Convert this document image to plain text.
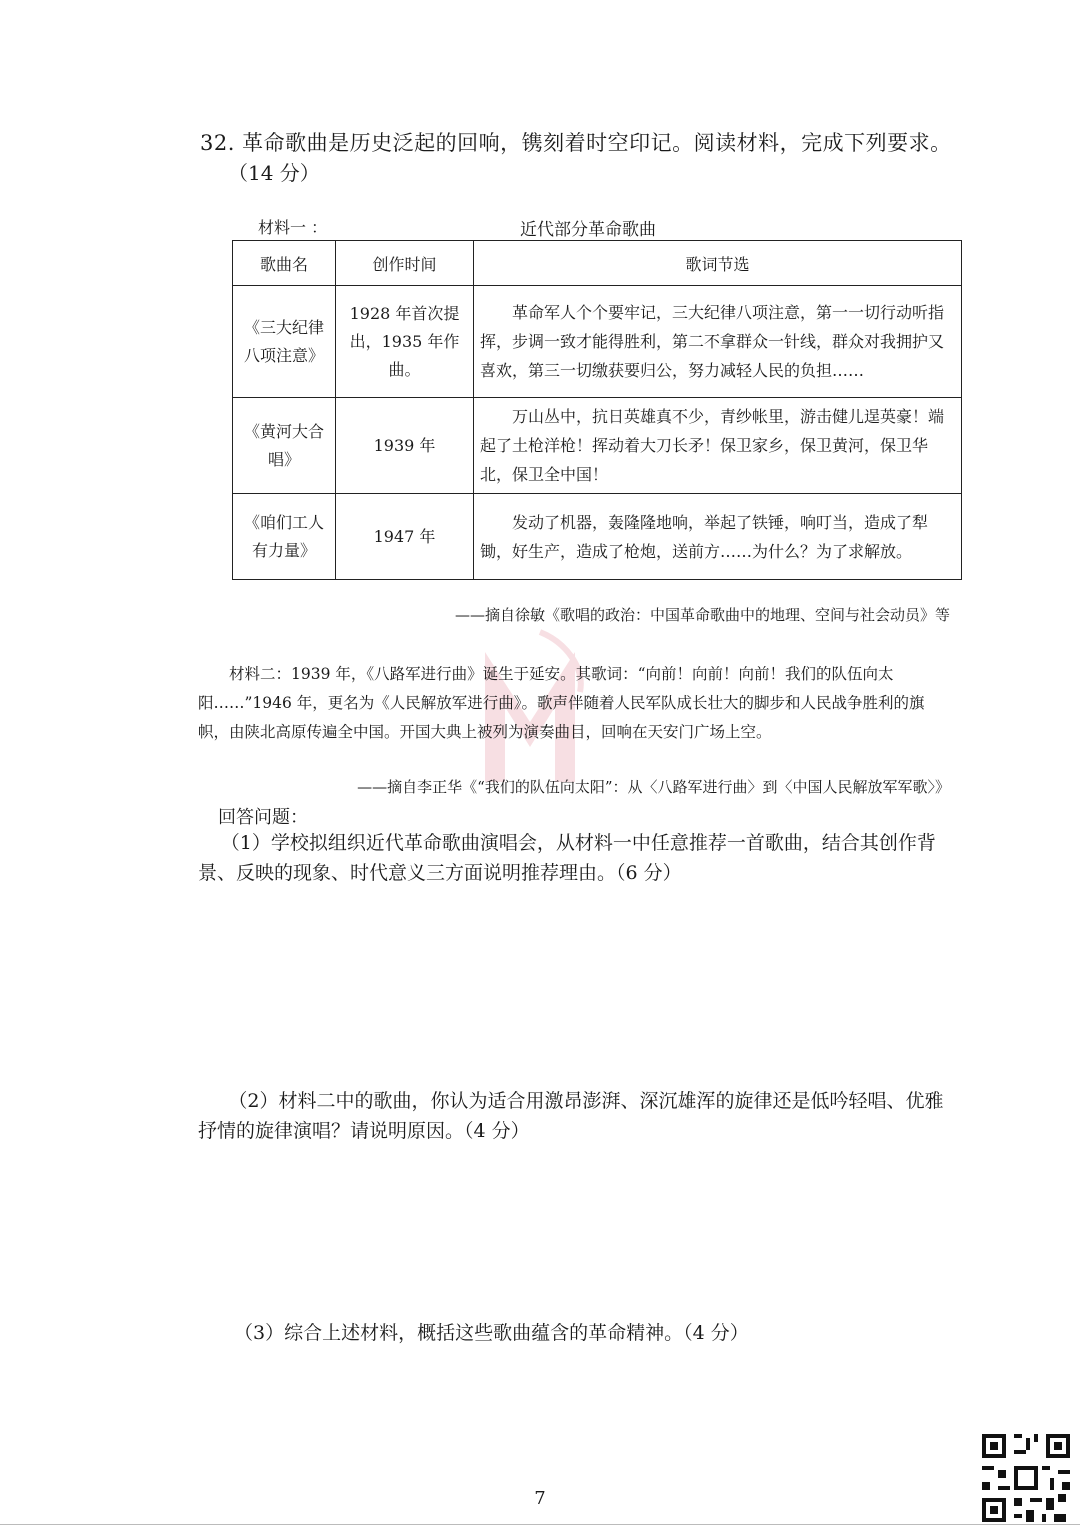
32. 革命歌曲是历史泛起的回响，镌刻着时空印记。阅读材料，完成下列要求。
（14 分）
材料一 ：	近代部分革命歌曲
歌曲名	创作时间	歌词节选
《三大纪律八项注意》	1928 年首次提出，1935 年作曲。	革命军人个个要牢记，三大纪律八项注意，第一一切行动听指挥，步调一致才能得胜利，第二不拿群众一针线，群众对我拥护又喜欢，第三一切缴获要归公，努力减轻人民的负担……
《黄河大合唱》	1939 年	万山丛中，抗日英雄真不少，青纱帐里，游击健儿逞英豪！端起了土枪洋枪！挥动着大刀长矛！保卫家乡，保卫黄河，保卫华北，保卫全中国！
《咱们工人有力量》	1947 年	发动了机器，轰隆隆地响，举起了铁锤，响叮当，造成了犁锄，好生产，造成了枪炮，送前方……为什么？为了求解放。
——摘自徐敏《歌唱的政治：中国革命歌曲中的地理、空间与社会动员》等
材料二：1939 年，《八路军进行曲》诞生于延安。其歌词：“向前！向前！向前！我们的队伍向太阳……”1946 年，更名为《人民解放军进行曲》。歌声伴随着人民军队成长壮大的脚步和人民战争胜利的旗帜，由陕北高原传遍全中国。开国大典上被列为演奏曲目，回响在天安门广场上空。
——摘自李正华《“我们的队伍向太阳”：从〈八路军进行曲〉到〈中国人民解放军军歌〉》
回答问题：
（1）学校拟组织近代革命歌曲演唱会，从材料一中任意推荐一首歌曲，结合其创作背景、反映的现象、时代意义三方面说明推荐理由。（6 分）
（2）材料二中的歌曲，你认为适合用激昂澎湃、深沉雄浑的旋律还是低吟轻唱、优雅抒情的旋律演唱？请说明原因。（4 分）
（3）综合上述材料，概括这些歌曲蕴含的革命精神。（4 分）
7
